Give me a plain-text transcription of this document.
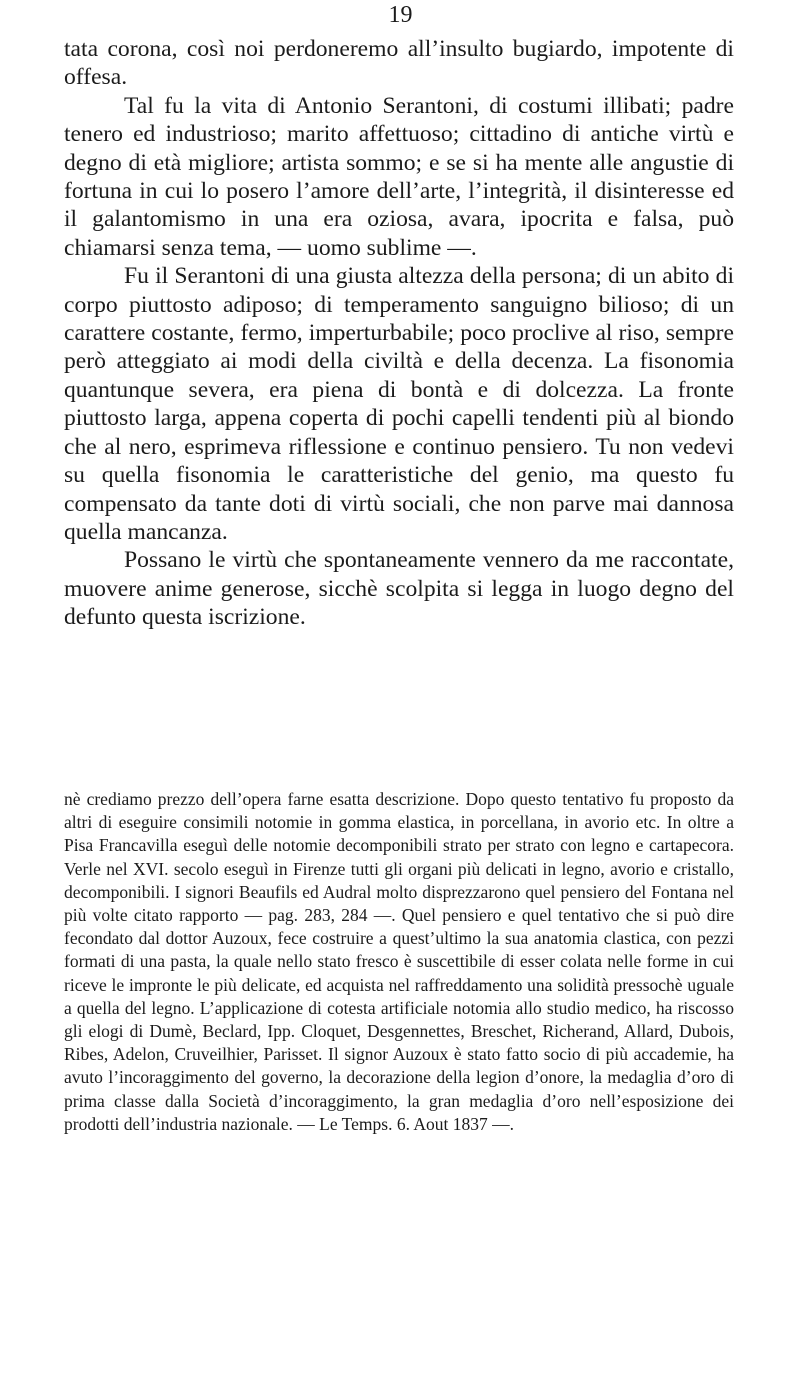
19

tata corona, così noi perdoneremo all’insulto bugiardo, impotente di offesa.

Tal fu la vita di Antonio Serantoni, di costumi illibati; padre tenero ed industrioso; marito affettuoso; cittadino di antiche virtù e degno di età migliore; artista sommo; e se si ha mente alle angustie di fortuna in cui lo posero l’amore dell’arte, l’integrità, il disinteresse ed il galantomismo in una era oziosa, avara, ipocrita e falsa, può chiamarsi senza tema, — uomo sublime —.

Fu il Serantoni di una giusta altezza della persona; di un abito di corpo piuttosto adiposo; di temperamento sanguigno bilioso; di un carattere costante, fermo, imperturbabile; poco proclive al riso, sempre però atteggiato ai modi della civiltà e della decenza. La fisonomia quantunque severa, era piena di bontà e di dolcezza. La fronte piuttosto larga, appena coperta di pochi capelli tendenti più al biondo che al nero, esprimeva riflessione e continuo pensiero. Tu non vedevi su quella fisonomia le caratteristiche del genio, ma questo fu compensato da tante doti di virtù sociali, che non parve mai dannosa quella mancanza.

Possano le virtù che spontaneamente vennero da me raccontate, muovere anime generose, sicchè scolpita si legga in luogo degno del defunto questa iscrizione.

nè crediamo prezzo dell’opera farne esatta descrizione. Dopo questo tentativo fu proposto da altri di eseguire consimili notomie in gomma elastica, in porcellana, in avorio etc. In oltre a Pisa Francavilla eseguì delle notomie decomponibili strato per strato con legno e cartapecora. Verle nel XVI. secolo eseguì in Firenze tutti gli organi più delicati in legno, avorio e cristallo, decomponibili. I signori Beaufils ed Audral molto disprezzarono quel pensiero del Fontana nel più volte citato rapporto — pag. 283, 284 —. Quel pensiero e quel tentativo che si può dire fecondato dal dottor Auzoux, fece costruire a quest’ultimo la sua anatomia clastica, con pezzi formati di una pasta, la quale nello stato fresco è suscettibile di esser colata nelle forme in cui riceve le impronte le più delicate, ed acquista nel raffreddamento una solidità pressochè uguale a quella del legno. L’applicazione di cotesta artificiale notomia allo studio medico, ha riscosso gli elogi di Dumè, Beclard, Ipp. Cloquet, Desgennettes, Breschet, Richerand, Allard, Dubois, Ribes, Adelon, Cruveilhier, Parisset. Il signor Auzoux è stato fatto socio di più accademie, ha avuto l’incoraggimento del governo, la decorazione della legion d’onore, la medaglia d’oro di prima classe dalla Società d’incoraggimento, la gran medaglia d’oro nell’esposizione dei prodotti dell’industria nazionale. — Le Temps. 6. Aout 1837 —.
